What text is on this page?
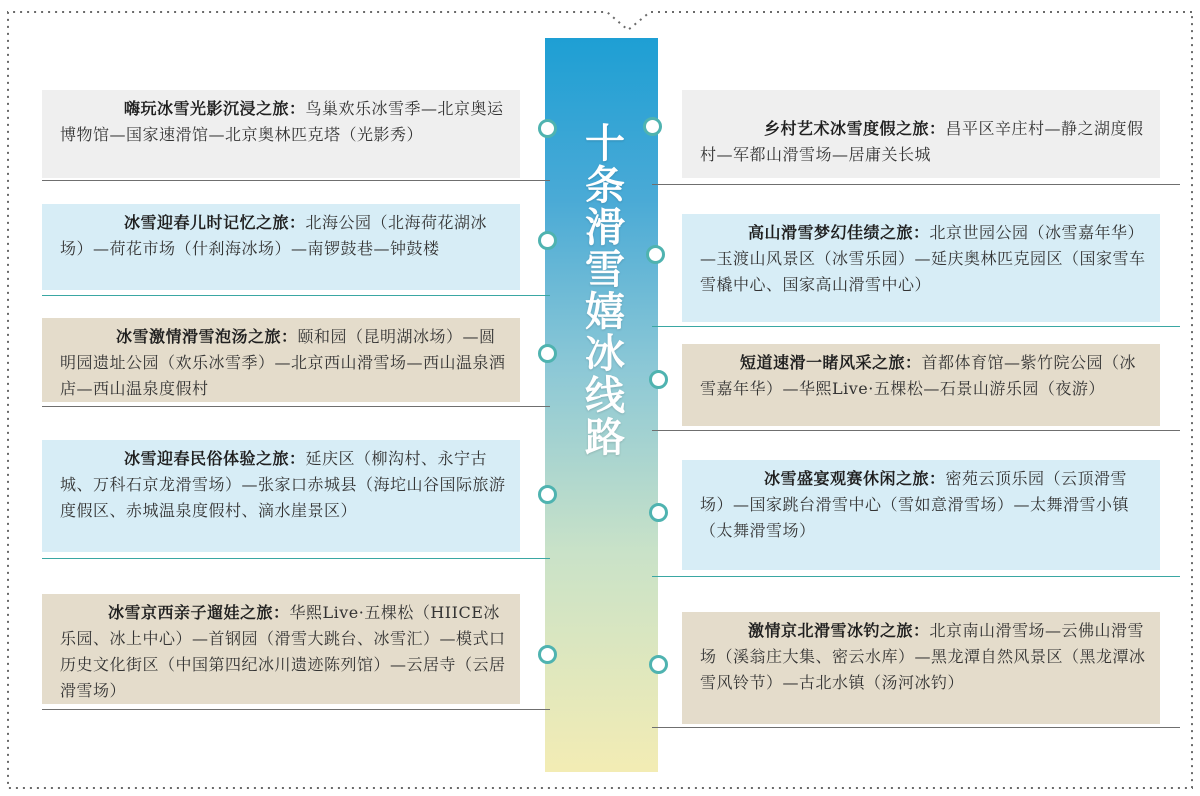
十条滑雪嬉冰线路
嗨玩冰雪光影沉浸之旅：鸟巢欢乐冰雪季—北京奥运博物馆—国家速滑馆—北京奥林匹克塔（光影秀）
冰雪迎春儿时记忆之旅：北海公园（北海荷花湖冰场）—荷花市场（什刹海冰场）—南锣鼓巷—钟鼓楼
冰雪激情滑雪泡汤之旅：颐和园（昆明湖冰场）—圆明园遗址公园（欢乐冰雪季）—北京西山滑雪场—西山温泉酒店—西山温泉度假村
冰雪迎春民俗体验之旅：延庆区（柳沟村、永宁古城、万科石京龙滑雪场）—张家口赤城县（海坨山谷国际旅游度假区、赤城温泉度假村、滴水崖景区）
冰雪京西亲子遛娃之旅：华熙Live·五棵松（HIICE冰乐园、冰上中心）—首钢园（滑雪大跳台、冰雪汇）—模式口历史文化街区（中国第四纪冰川遗迹陈列馆）—云居寺（云居滑雪场）
乡村艺术冰雪度假之旅：昌平区辛庄村—静之湖度假村—军都山滑雪场—居庸关长城
高山滑雪梦幻佳绩之旅：北京世园公园（冰雪嘉年华）—玉渡山风景区（冰雪乐园）—延庆奥林匹克园区（国家雪车雪橇中心、国家高山滑雪中心）
短道速滑一睹风采之旅：首都体育馆—紫竹院公园（冰雪嘉年华）—华熙Live·五棵松—石景山游乐园（夜游）
冰雪盛宴观赛休闲之旅：密苑云顶乐园（云顶滑雪场）—国家跳台滑雪中心（雪如意滑雪场）—太舞滑雪小镇（太舞滑雪场）
激情京北滑雪冰钓之旅：北京南山滑雪场—云佛山滑雪场（溪翁庄大集、密云水库）—黑龙潭自然风景区（黑龙潭冰雪风铃节）—古北水镇（汤河冰钓）
